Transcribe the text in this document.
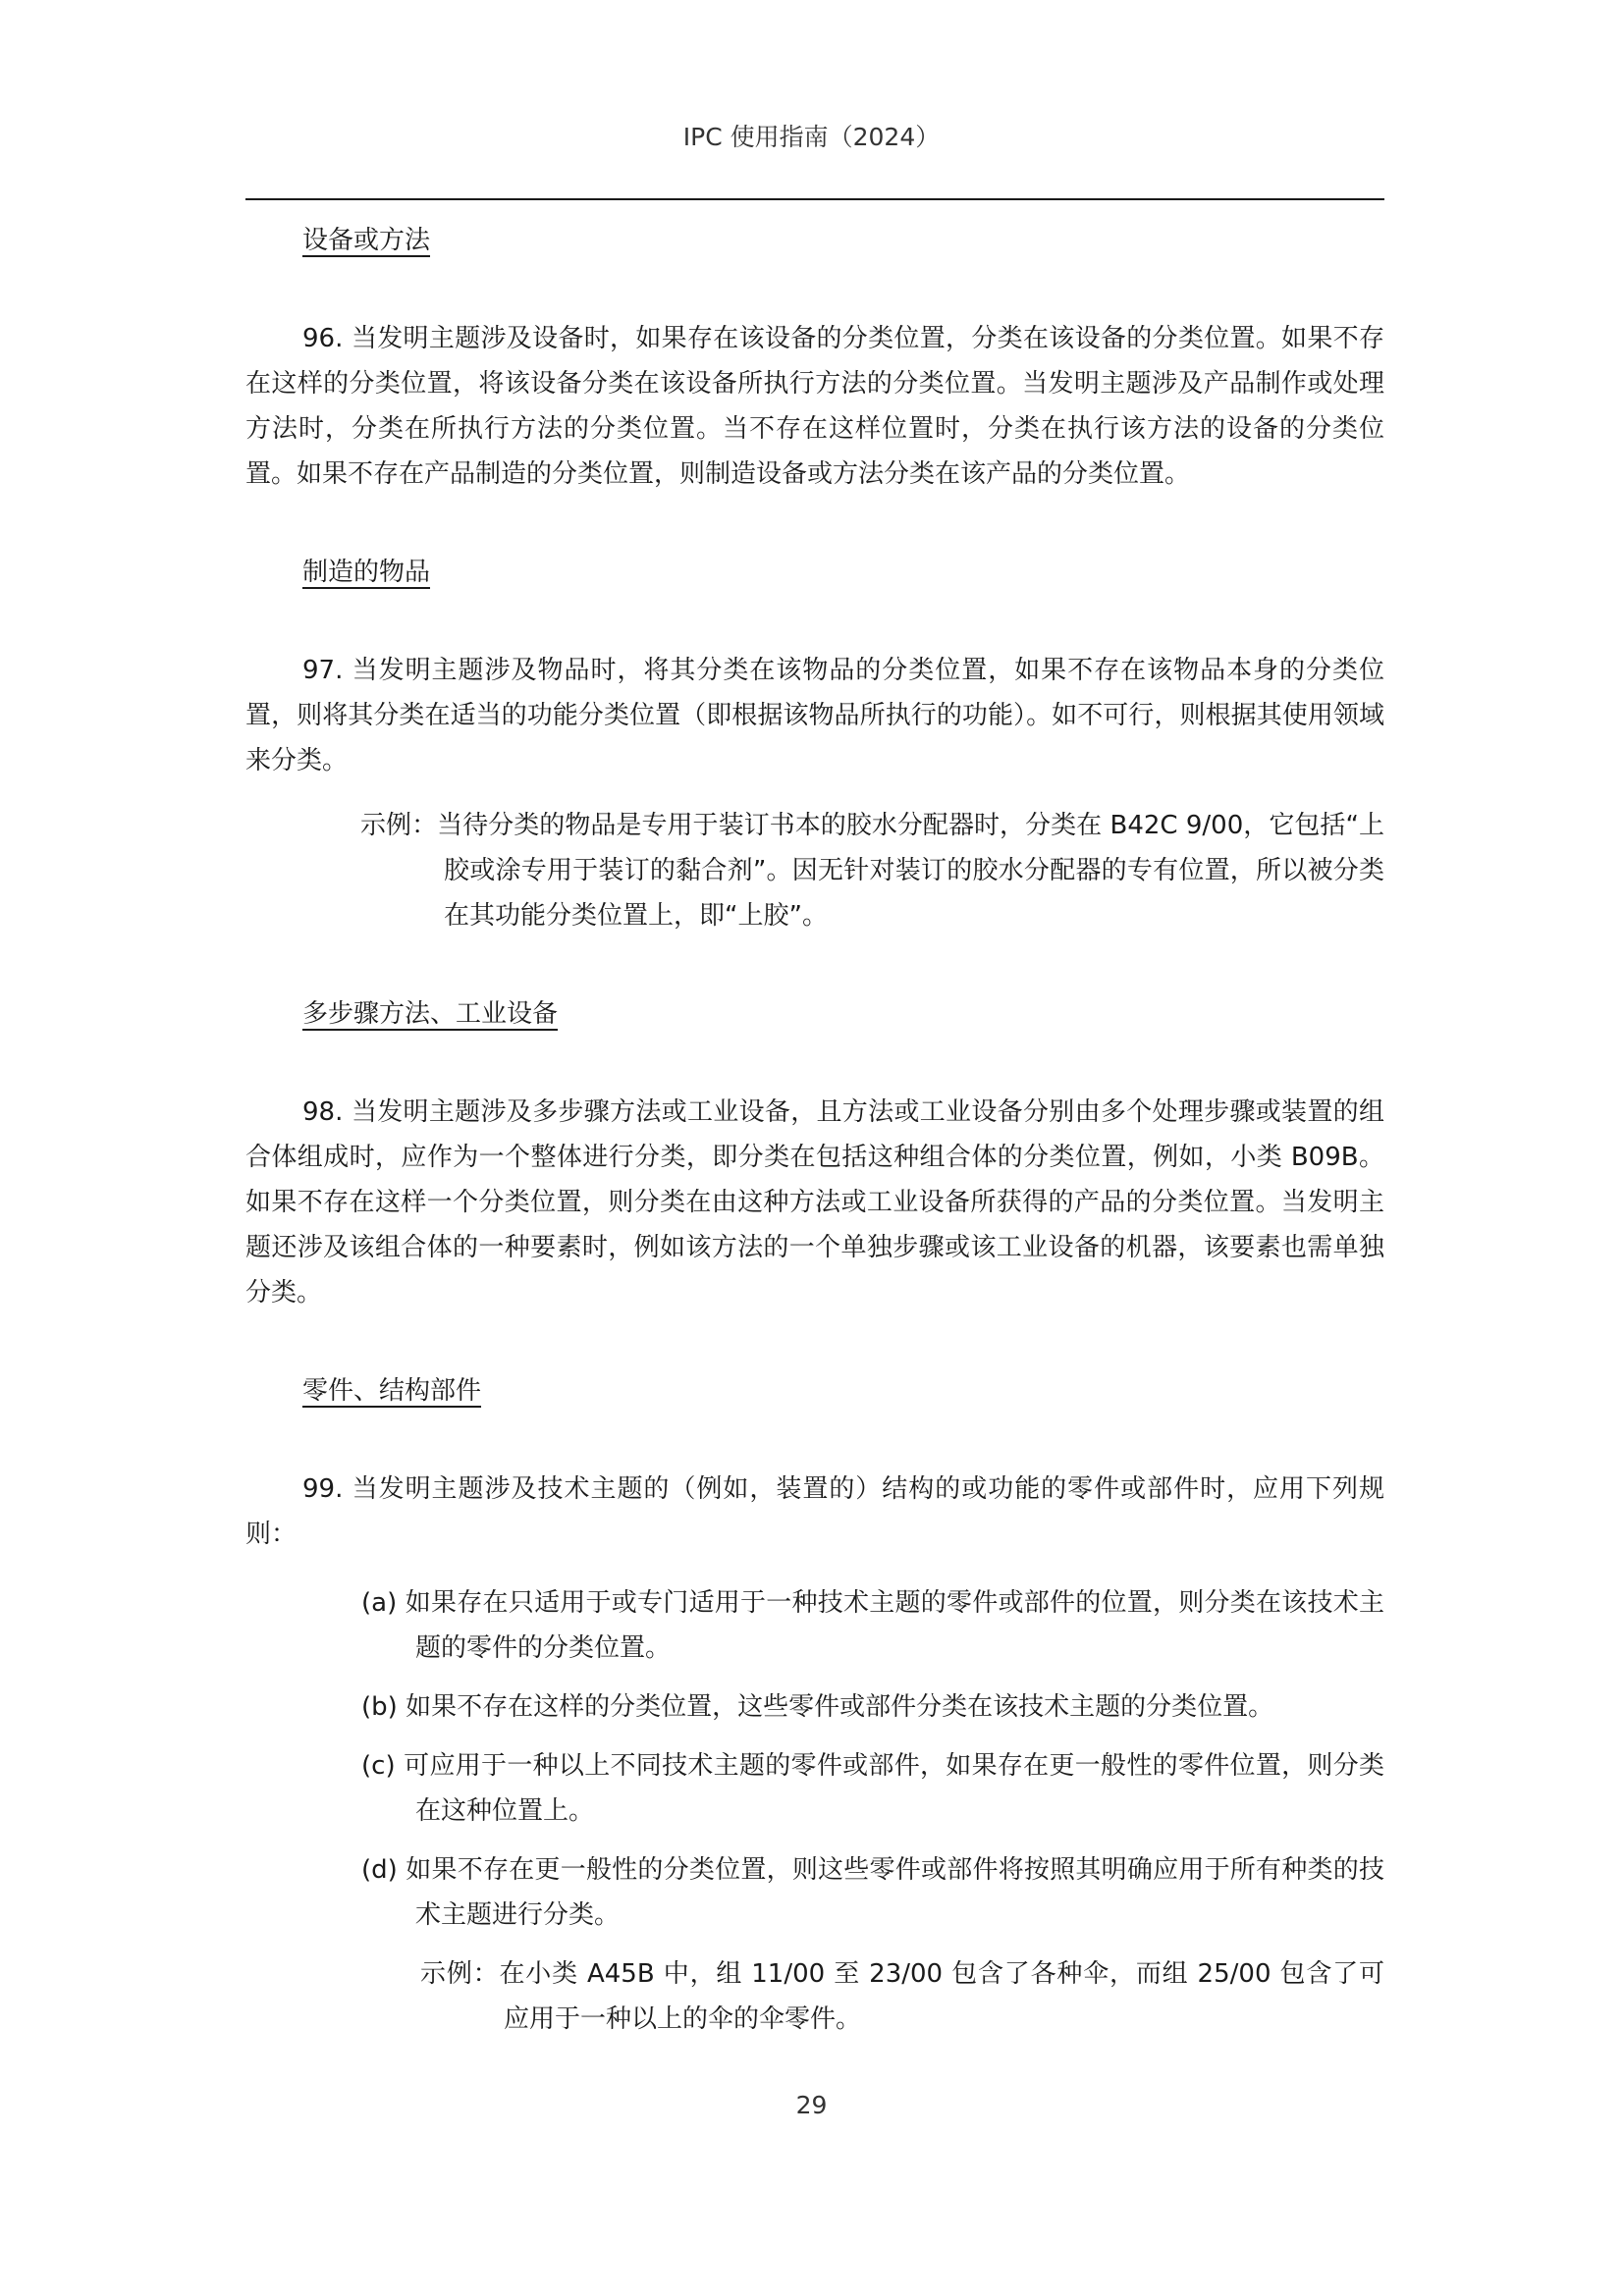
IPC 使用指南（2024）

设备或方法

96. 当发明主题涉及设备时，如果存在该设备的分类位置，分类在该设备的分类位置。如果不存在这样的分类位置，将该设备分类在该设备所执行方法的分类位置。当发明主题涉及产品制作或处理方法时，分类在所执行方法的分类位置。当不存在这样位置时，分类在执行该方法的设备的分类位置。如果不存在产品制造的分类位置，则制造设备或方法分类在该产品的分类位置。

制造的物品

97. 当发明主题涉及物品时，将其分类在该物品的分类位置，如果不存在该物品本身的分类位置，则将其分类在适当的功能分类位置（即根据该物品所执行的功能）。如不可行，则根据其使用领域来分类。

示例：当待分类的物品是专用于装订书本的胶水分配器时，分类在 B42C 9/00，它包括“上胶或涂专用于装订的黏合剂”。因无针对装订的胶水分配器的专有位置，所以被分类在其功能分类位置上，即“上胶”。

多步骤方法、工业设备

98. 当发明主题涉及多步骤方法或工业设备，且方法或工业设备分别由多个处理步骤或装置的组合体组成时，应作为一个整体进行分类，即分类在包括这种组合体的分类位置，例如，小类 B09B。如果不存在这样一个分类位置，则分类在由这种方法或工业设备所获得的产品的分类位置。当发明主题还涉及该组合体的一种要素时，例如该方法的一个单独步骤或该工业设备的机器，该要素也需单独分类。

零件、结构部件

99. 当发明主题涉及技术主题的（例如，装置的）结构的或功能的零件或部件时，应用下列规则：

(a) 如果存在只适用于或专门适用于一种技术主题的零件或部件的位置，则分类在该技术主题的零件的分类位置。

(b) 如果不存在这样的分类位置，这些零件或部件分类在该技术主题的分类位置。

(c) 可应用于一种以上不同技术主题的零件或部件，如果存在更一般性的零件位置，则分类在这种位置上。

(d) 如果不存在更一般性的分类位置，则这些零件或部件将按照其明确应用于所有种类的技术主题进行分类。

示例：在小类 A45B 中，组 11/00 至 23/00 包含了各种伞，而组 25/00 包含了可应用于一种以上的伞的伞零件。

29
